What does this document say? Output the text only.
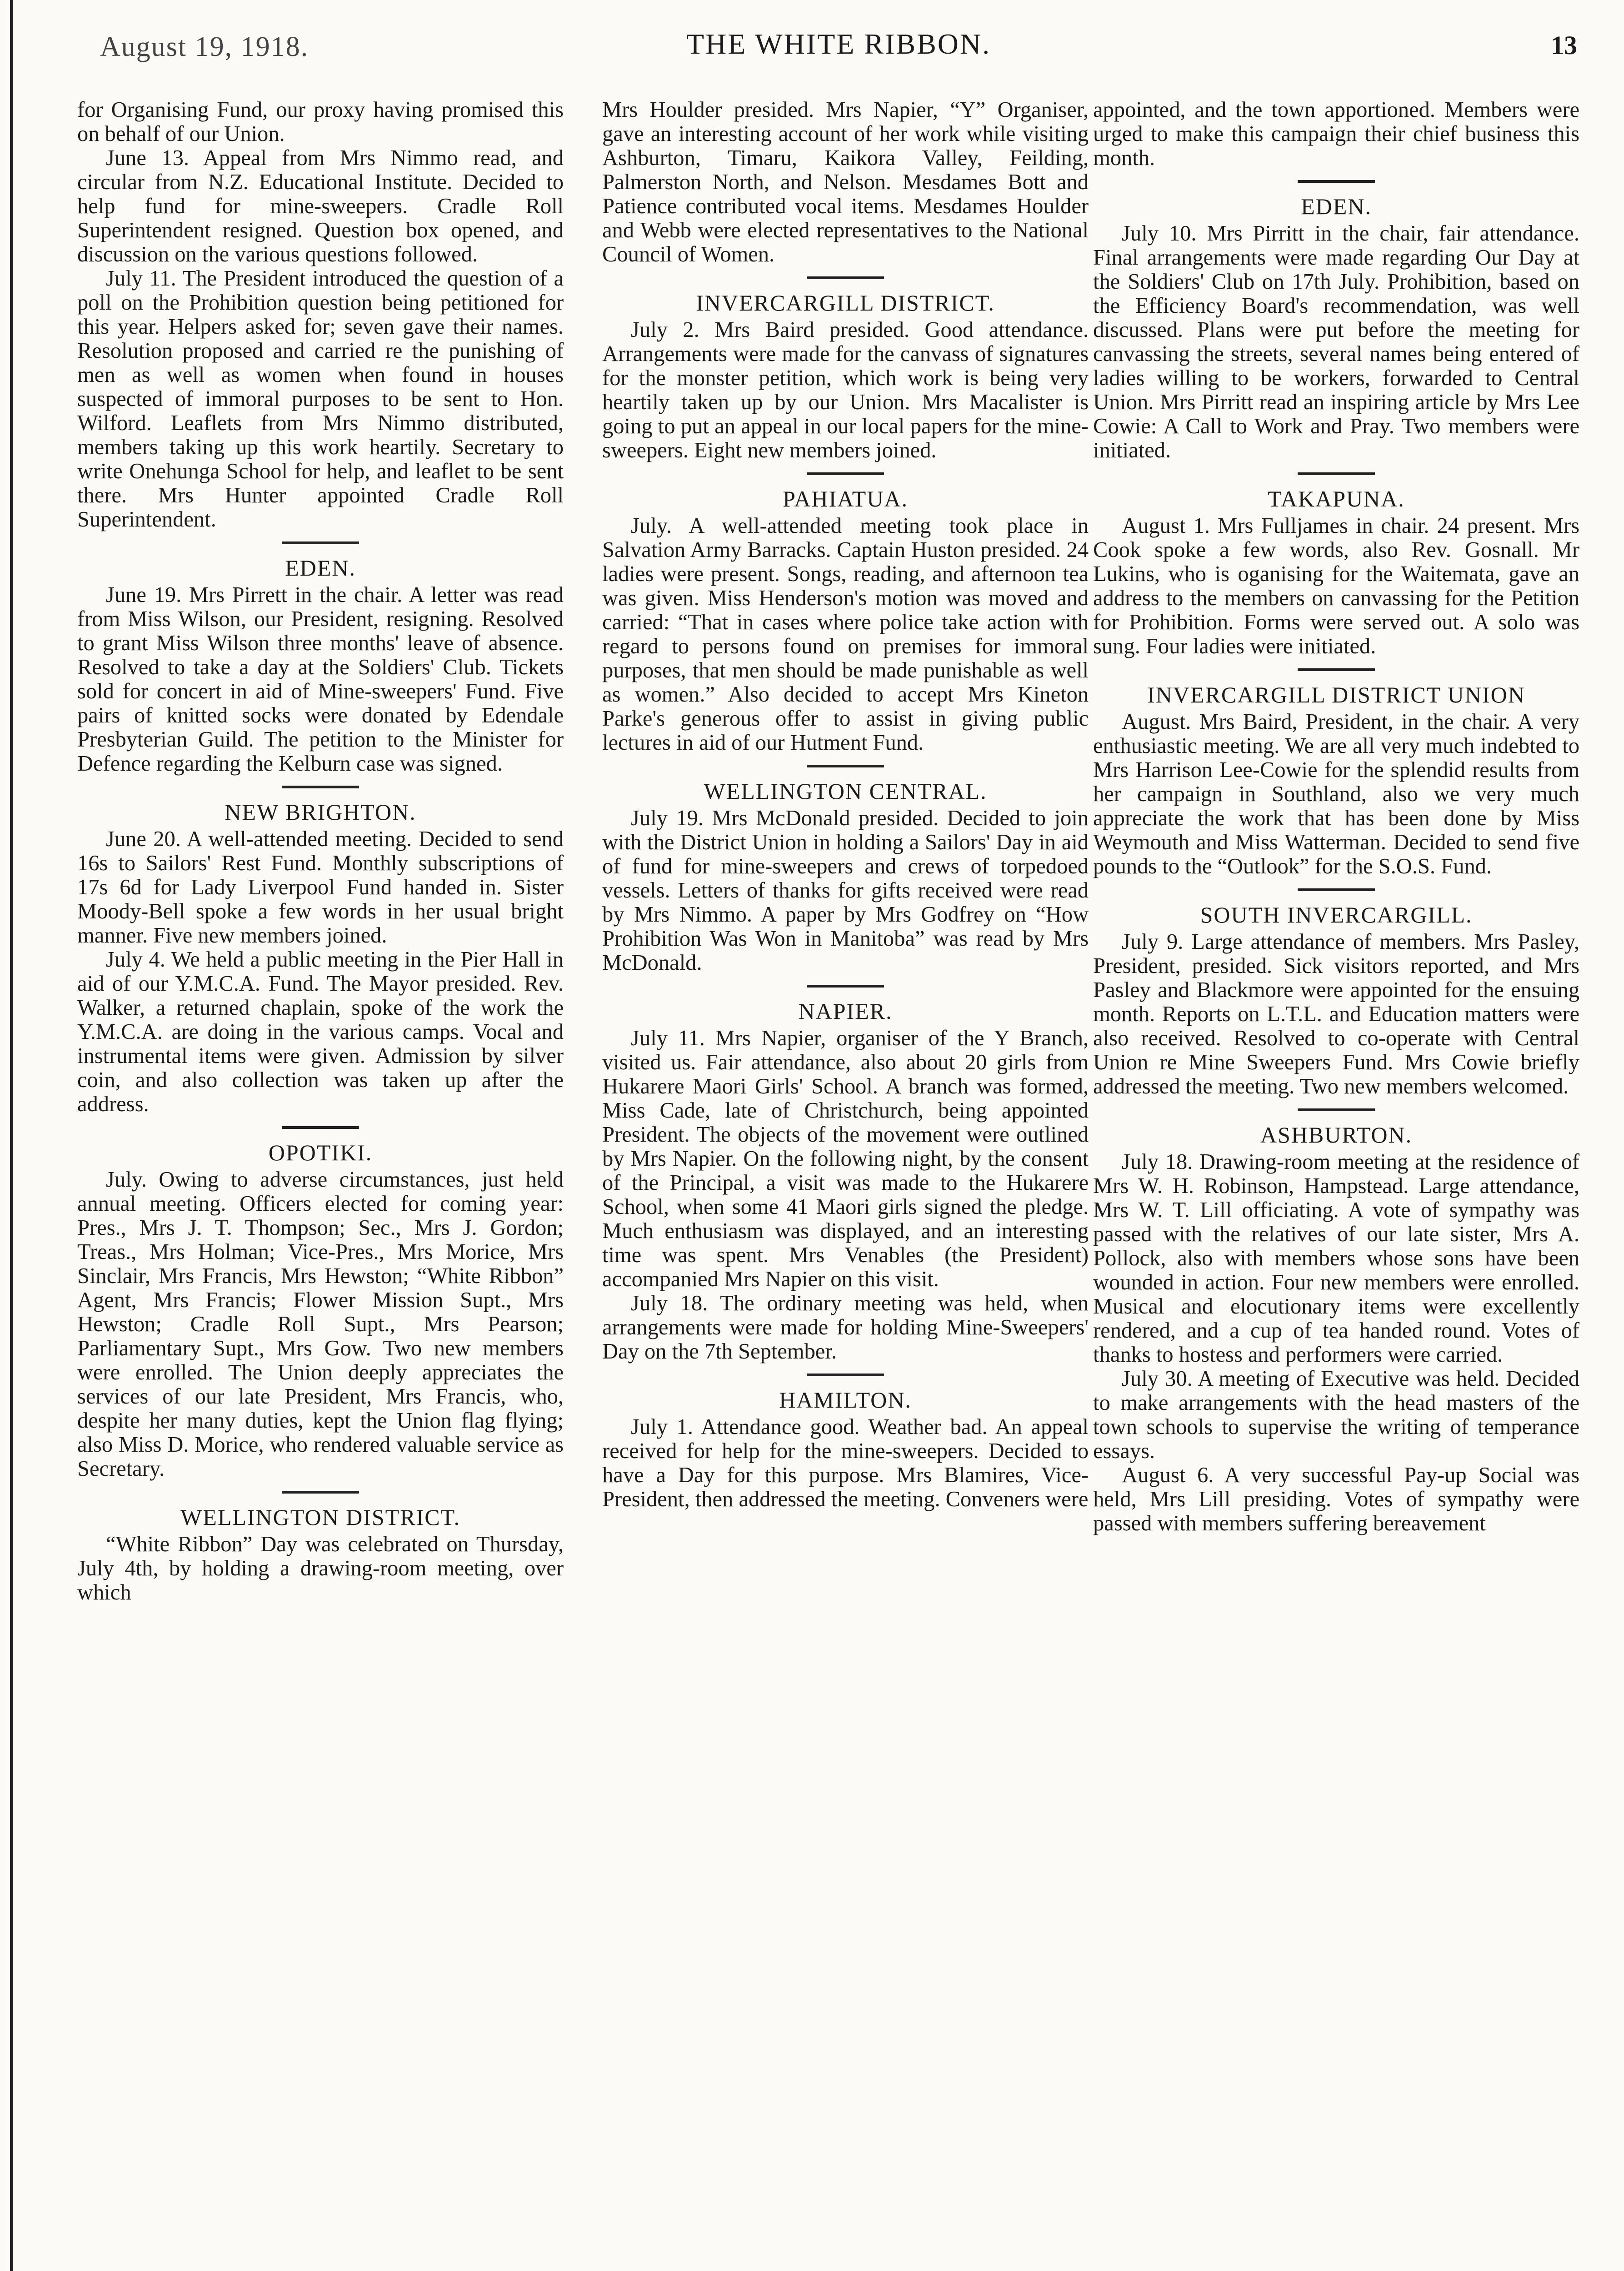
August 19, 1918.	THE WHITE RIBBON.	13

for Organising Fund, our proxy having promised this on behalf of our Union.

June 13. Appeal from Mrs Nimmo read, and circular from N.Z. Educational Institute. Decided to help fund for mine-sweepers. Cradle Roll Superintendent resigned. Question box opened, and discussion on the various questions followed.

July 11. The President introduced the question of a poll on the Prohibition question being petitioned for this year. Helpers asked for; seven gave their names. Resolution proposed and carried re the punishing of men as well as women when found in houses suspected of immoral purposes to be sent to Hon. Wilford. Leaflets from Mrs Nimmo distributed, members taking up this work heartily. Secretary to write Onehunga School for help, and leaflet to be sent there. Mrs Hunter appointed Cradle Roll Superintendent.

EDEN.

June 19. Mrs Pirrett in the chair. A letter was read from Miss Wilson, our President, resigning. Resolved to grant Miss Wilson three months' leave of absence. Resolved to take a day at the Soldiers' Club. Tickets sold for concert in aid of Mine-sweepers' Fund. Five pairs of knitted socks were donated by Edendale Presbyterian Guild. The petition to the Minister for Defence regarding the Kelburn case was signed.

NEW BRIGHTON.

June 20. A well-attended meeting. Decided to send 16s to Sailors' Rest Fund. Monthly subscriptions of 17s 6d for Lady Liverpool Fund handed in. Sister Moody-Bell spoke a few words in her usual bright manner. Five new members joined.

July 4. We held a public meeting in the Pier Hall in aid of our Y.M.C.A. Fund. The Mayor presided. Rev. Walker, a returned chaplain, spoke of the work the Y.M.C.A. are doing in the various camps. Vocal and instrumental items were given. Admission by silver coin, and also collection was taken up after the address.

OPOTIKI.

July. Owing to adverse circumstances, just held annual meeting. Officers elected for coming year: Pres., Mrs J. T. Thompson; Sec., Mrs J. Gordon; Treas., Mrs Holman; Vice-Pres., Mrs Morice, Mrs Sinclair, Mrs Francis, Mrs Hewston; “White Ribbon” Agent, Mrs Francis; Flower Mission Supt., Mrs Hewston; Cradle Roll Supt., Mrs Pearson; Parliamentary Supt., Mrs Gow. Two new members were enrolled. The Union deeply appreciates the services of our late President, Mrs Francis, who, despite her many duties, kept the Union flag flying; also Miss D. Morice, who rendered valuable service as Secretary.

WELLINGTON DISTRICT.

“White Ribbon” Day was celebrated on Thursday, July 4th, by holding a drawing-room meeting, over which

Mrs Houlder presided. Mrs Napier, “Y” Organiser, gave an interesting account of her work while visiting Ashburton, Timaru, Kaikora Valley, Feilding, Palmerston North, and Nelson. Mesdames Bott and Patience contributed vocal items. Mesdames Houlder and Webb were elected representatives to the National Council of Women.

INVERCARGILL DISTRICT.

July 2. Mrs Baird presided. Good attendance. Arrangements were made for the canvass of signatures for the monster petition, which work is being very heartily taken up by our Union. Mrs Macalister is going to put an appeal in our local papers for the mine-sweepers. Eight new members joined.

PAHIATUA.

July. A well-attended meeting took place in Salvation Army Barracks. Captain Huston presided. 24 ladies were present. Songs, reading, and afternoon tea was given. Miss Henderson's motion was moved and carried: “That in cases where police take action with regard to persons found on premises for immoral purposes, that men should be made punishable as well as women.” Also decided to accept Mrs Kineton Parke's generous offer to assist in giving public lectures in aid of our Hutment Fund.

WELLINGTON CENTRAL.

July 19. Mrs McDonald presided. Decided to join with the District Union in holding a Sailors' Day in aid of fund for mine-sweepers and crews of torpedoed vessels. Letters of thanks for gifts received were read by Mrs Nimmo. A paper by Mrs Godfrey on “How Prohibition Was Won in Manitoba” was read by Mrs McDonald.

NAPIER.

July 11. Mrs Napier, organiser of the Y Branch, visited us. Fair attendance, also about 20 girls from Hukarere Maori Girls' School. A branch was formed, Miss Cade, late of Christchurch, being appointed President. The objects of the movement were outlined by Mrs Napier. On the following night, by the consent of the Principal, a visit was made to the Hukarere School, when some 41 Maori girls signed the pledge. Much enthusiasm was displayed, and an interesting time was spent. Mrs Venables (the President) accompanied Mrs Napier on this visit.

July 18. The ordinary meeting was held, when arrangements were made for holding Mine-Sweepers' Day on the 7th September.

HAMILTON.

July 1. Attendance good. Weather bad. An appeal received for help for the mine-sweepers. Decided to have a Day for this purpose. Mrs Blamires, Vice-President, then addressed the meeting. Conveners were

appointed, and the town apportioned. Members were urged to make this campaign their chief business this month.

EDEN.

July 10. Mrs Pirritt in the chair, fair attendance. Final arrangements were made regarding Our Day at the Soldiers' Club on 17th July. Prohibition, based on the Efficiency Board's recommendation, was well discussed. Plans were put before the meeting for canvassing the streets, several names being entered of ladies willing to be workers, forwarded to Central Union. Mrs Pirritt read an inspiring article by Mrs Lee Cowie: A Call to Work and Pray. Two members were initiated.

TAKAPUNA.

August 1. Mrs Fulljames in chair. 24 present. Mrs Cook spoke a few words, also Rev. Gosnall. Mr Lukins, who is oganising for the Waitemata, gave an address to the members on canvassing for the Petition for Prohibition. Forms were served out. A solo was sung. Four ladies were initiated.

INVERCARGILL DISTRICT UNION

August. Mrs Baird, President, in the chair. A very enthusiastic meeting. We are all very much indebted to Mrs Harrison Lee-Cowie for the splendid results from her campaign in Southland, also we very much appreciate the work that has been done by Miss Weymouth and Miss Watterman. Decided to send five pounds to the “Outlook” for the S.O.S. Fund.

SOUTH INVERCARGILL.

July 9. Large attendance of members. Mrs Pasley, President, presided. Sick visitors reported, and Mrs Pasley and Blackmore were appointed for the ensuing month. Reports on L.T.L. and Education matters were also received. Resolved to co-operate with Central Union re Mine Sweepers Fund. Mrs Cowie briefly addressed the meeting. Two new members welcomed.

ASHBURTON.

July 18. Drawing-room meeting at the residence of Mrs W. H. Robinson, Hampstead. Large attendance, Mrs W. T. Lill officiating. A vote of sympathy was passed with the relatives of our late sister, Mrs A. Pollock, also with members whose sons have been wounded in action. Four new members were enrolled. Musical and elocutionary items were excellently rendered, and a cup of tea handed round. Votes of thanks to hostess and performers were carried.

July 30. A meeting of Executive was held. Decided to make arrangements with the head masters of the town schools to supervise the writing of temperance essays.

August 6. A very successful Pay-up Social was held, Mrs Lill presiding. Votes of sympathy were passed with members suffering bereavement
